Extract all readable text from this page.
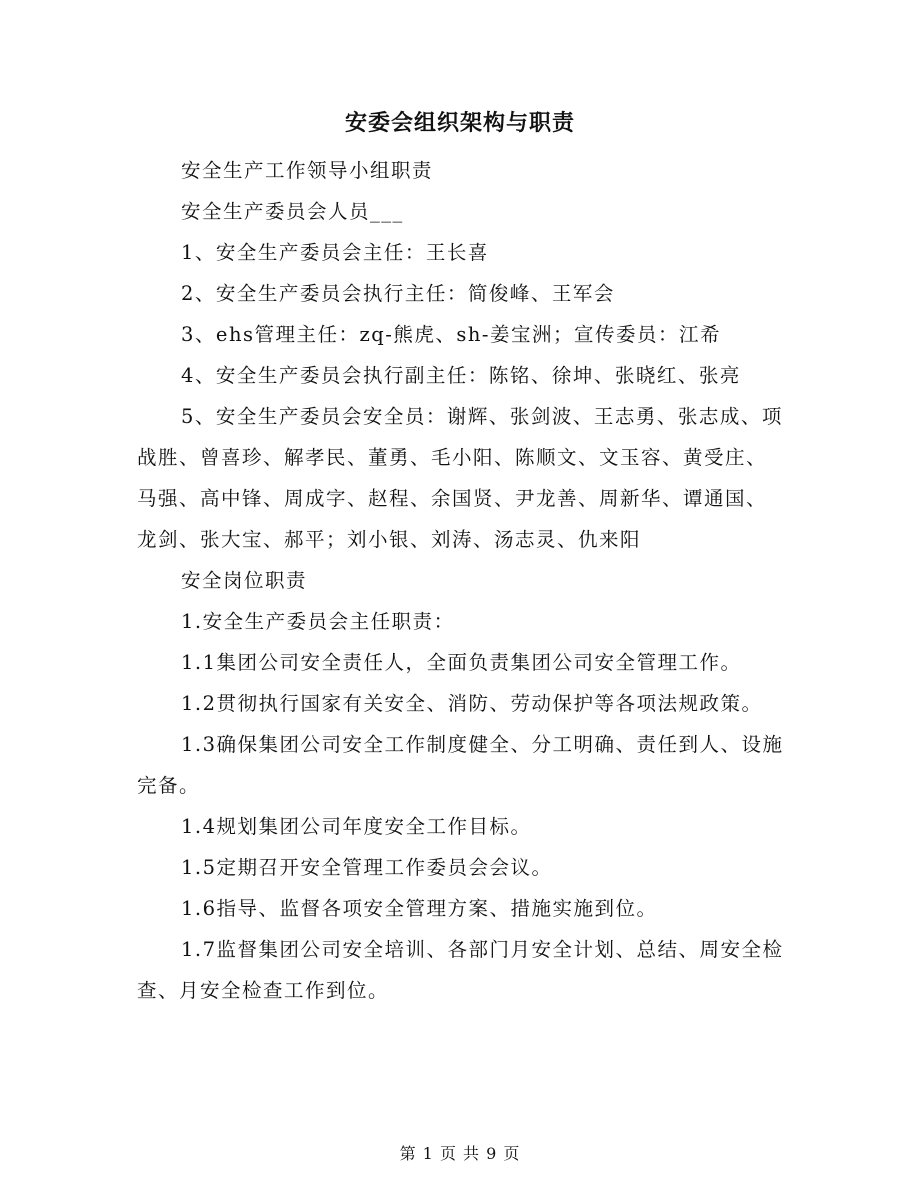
安委会组织架构与职责

安全生产工作领导小组职责

安全生产委员会人员___

1、安全生产委员会主任：王长喜

2、安全生产委员会执行主任：简俊峰、王军会

3、ehs管理主任：zq-熊虎、sh-姜宝洲；宣传委员：江希

4、安全生产委员会执行副主任：陈铭、徐坤、张晓红、张亮

5、安全生产委员会安全员：谢辉、张剑波、王志勇、张志成、项战胜、曾喜珍、解孝民、董勇、毛小阳、陈顺文、文玉容、黄受庄、马强、高中锋、周成字、赵程、余国贤、尹龙善、周新华、谭通国、龙剑、张大宝、郝平；刘小银、刘涛、汤志灵、仇来阳

安全岗位职责

1.安全生产委员会主任职责：

1.1集团公司安全责任人，全面负责集团公司安全管理工作。

1.2贯彻执行国家有关安全、消防、劳动保护等各项法规政策。

1.3确保集团公司安全工作制度健全、分工明确、责任到人、设施完备。

1.4规划集团公司年度安全工作目标。

1.5定期召开安全管理工作委员会会议。

1.6指导、监督各项安全管理方案、措施实施到位。

1.7监督集团公司安全培训、各部门月安全计划、总结、周安全检查、月安全检查工作到位。

第 1 页 共 9 页
